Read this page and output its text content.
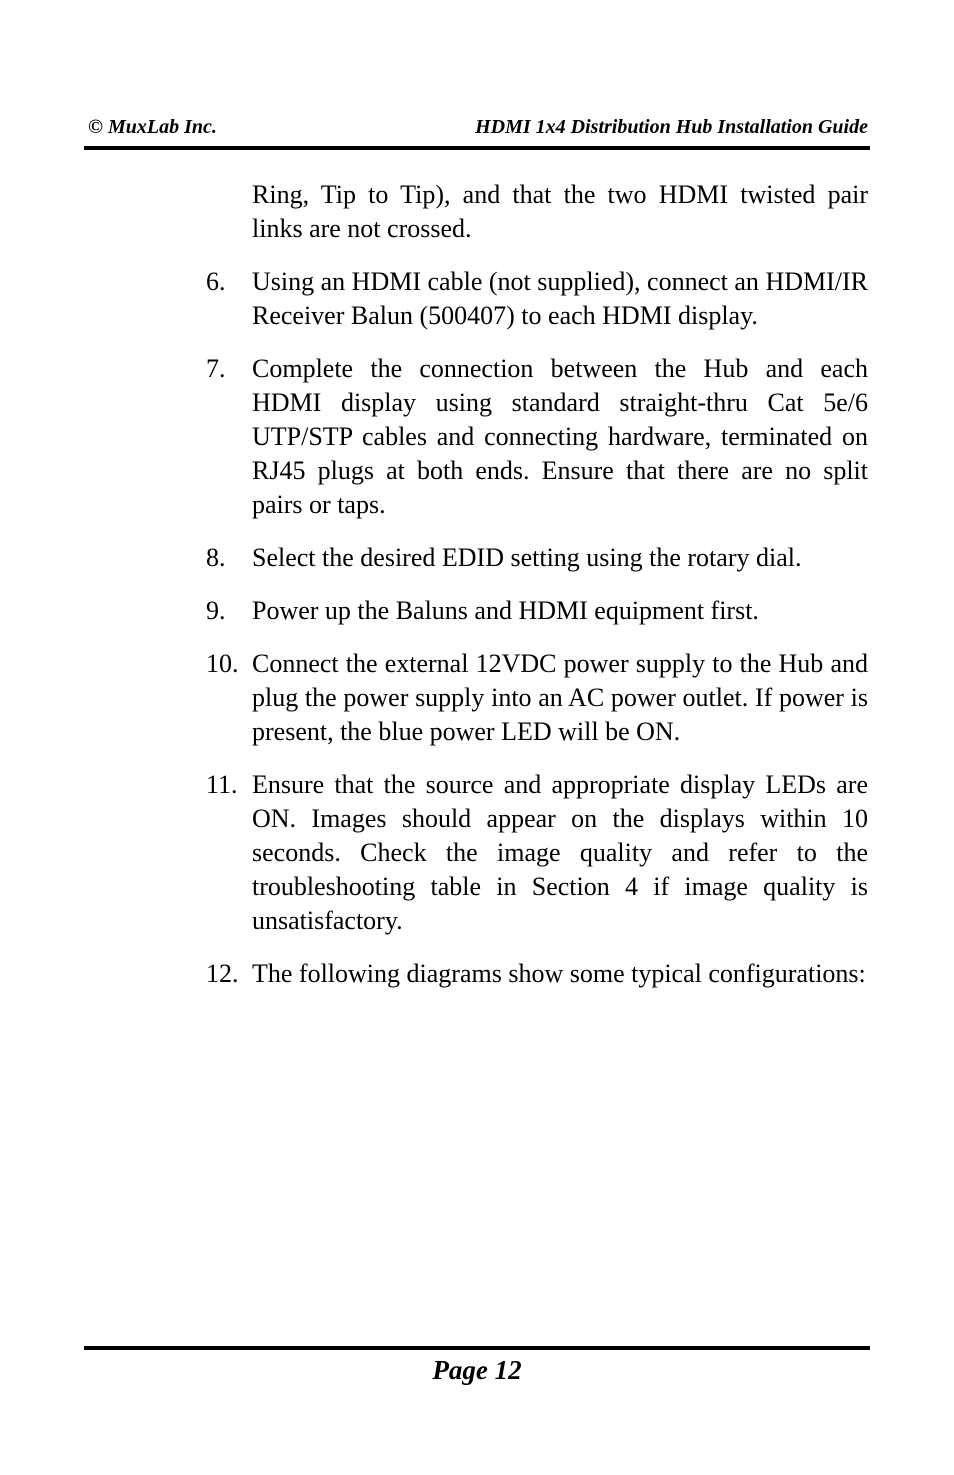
© MuxLab Inc.	HDMI 1x4 Distribution Hub Installation Guide

Ring, Tip to Tip), and that the two HDMI twisted pair links are not crossed.

6.	Using an HDMI cable (not supplied), connect an HDMI/IR Receiver Balun (500407) to each HDMI display.
7.	Complete the connection between the Hub and each HDMI display using standard straight-thru Cat 5e/6 UTP/STP cables and connecting hardware, terminated on RJ45 plugs at both ends. Ensure that there are no split pairs or taps.
8.	Select the desired EDID setting using the rotary dial.
9.	Power up the Baluns and HDMI equipment first.
10. Connect the external 12VDC power supply to the Hub and plug the power supply into an AC power outlet. If power is present, the blue power LED will be ON.
11. Ensure that the source and appropriate display LEDs are ON. Images should appear on the displays within 10 seconds. Check the image quality and refer to the troubleshooting table in Section 4 if image quality is unsatisfactory.
12. The following diagrams show some typical configurations:
Page 12
